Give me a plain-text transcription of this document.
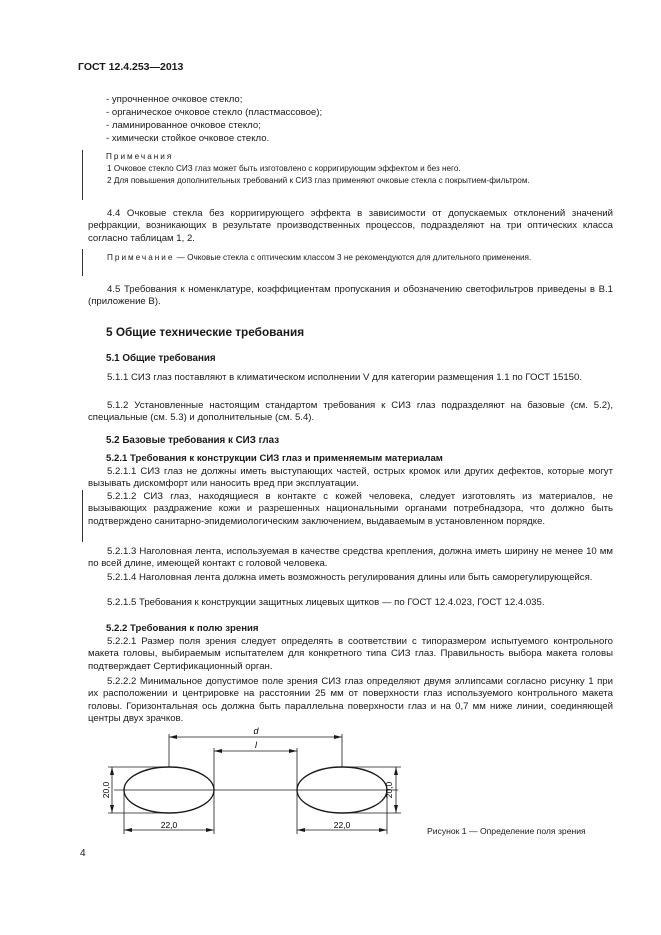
ГОСТ 12.4.253—2013
- упрочненное очковое стекло;
- органическое очковое стекло (пластмассовое);
- ламинированное очковое стекло;
- химически стойкое очковое стекло.
Примечания
1 Очковое стекло СИЗ глаз может быть изготовлено с корригирующим эффектом и без него.
2 Для повышения дополнительных требований к СИЗ глаз применяют очковые стекла с покрытием-фильтром.
4.4 Очковые стекла без корригирующего эффекта в зависимости от допускаемых отклонений значений рефракции, возникающих в результате производственных процессов, подразделяют на три оптических класса согласно таблицам 1, 2.
Примечание — Очковые стекла с оптическим классом 3 не рекомендуются для длительного применения.
4.5 Требования к номенклатуре, коэффициентам пропускания и обозначению светофильтров приведены в В.1 (приложение В).
5 Общие технические требования
5.1 Общие требования
5.1.1 СИЗ глаз поставляют в климатическом исполнении V для категории размещения 1.1 по ГОСТ 15150.
5.1.2 Установленные настоящим стандартом требования к СИЗ глаз подразделяют на базовые (см. 5.2), специальные (см. 5.3) и дополнительные (см. 5.4).
5.2 Базовые требования к СИЗ глаз
5.2.1 Требования к конструкции СИЗ глаз и применяемым материалам
5.2.1.1 СИЗ глаз не должны иметь выступающих частей, острых кромок или других дефектов, которые могут вызывать дискомфорт или наносить вред при эксплуатации.
5.2.1.2 СИЗ глаз, находящиеся в контакте с кожей человека, следует изготовлять из материалов, не вызывающих раздражение кожи и разрешенных национальными органами потребнадзора, что должно быть подтверждено санитарно-эпидемиологическим заключением, выдаваемым в установленном порядке.
5.2.1.3 Наголовная лента, используемая в качестве средства крепления, должна иметь ширину не менее 10 мм по всей длине, имеющей контакт с головой человека.
5.2.1.4 Наголовная лента должна иметь возможность регулирования длины или быть саморегулирующейся.
5.2.1.5 Требования к конструкции защитных лицевых щитков — по ГОСТ 12.4.023, ГОСТ 12.4.035.
5.2.2 Требования к полю зрения
5.2.2.1 Размер поля зрения следует определять в соответствии с типоразмером испытуемого контрольного макета головы, выбираемым испытателем для конкретного типа СИЗ глаз. Правильность выбора макета головы подтверждает Сертификационный орган.
5.2.2.2 Минимальное допустимое поле зрения СИЗ глаз определяют двумя эллипсами согласно рисунку 1 при их расположении и центрировке на расстоянии 25 мм от поверхности глаз используемого контрольного макета головы. Горизонтальная ось должна быть параллельна поверхности глаз и на 0,7 мм ниже линии, соединяющей центры двух зрачков.
d
l
20,0	20,0
22,0	22,0
Рисунок 1 — Определение поля зрения
4
